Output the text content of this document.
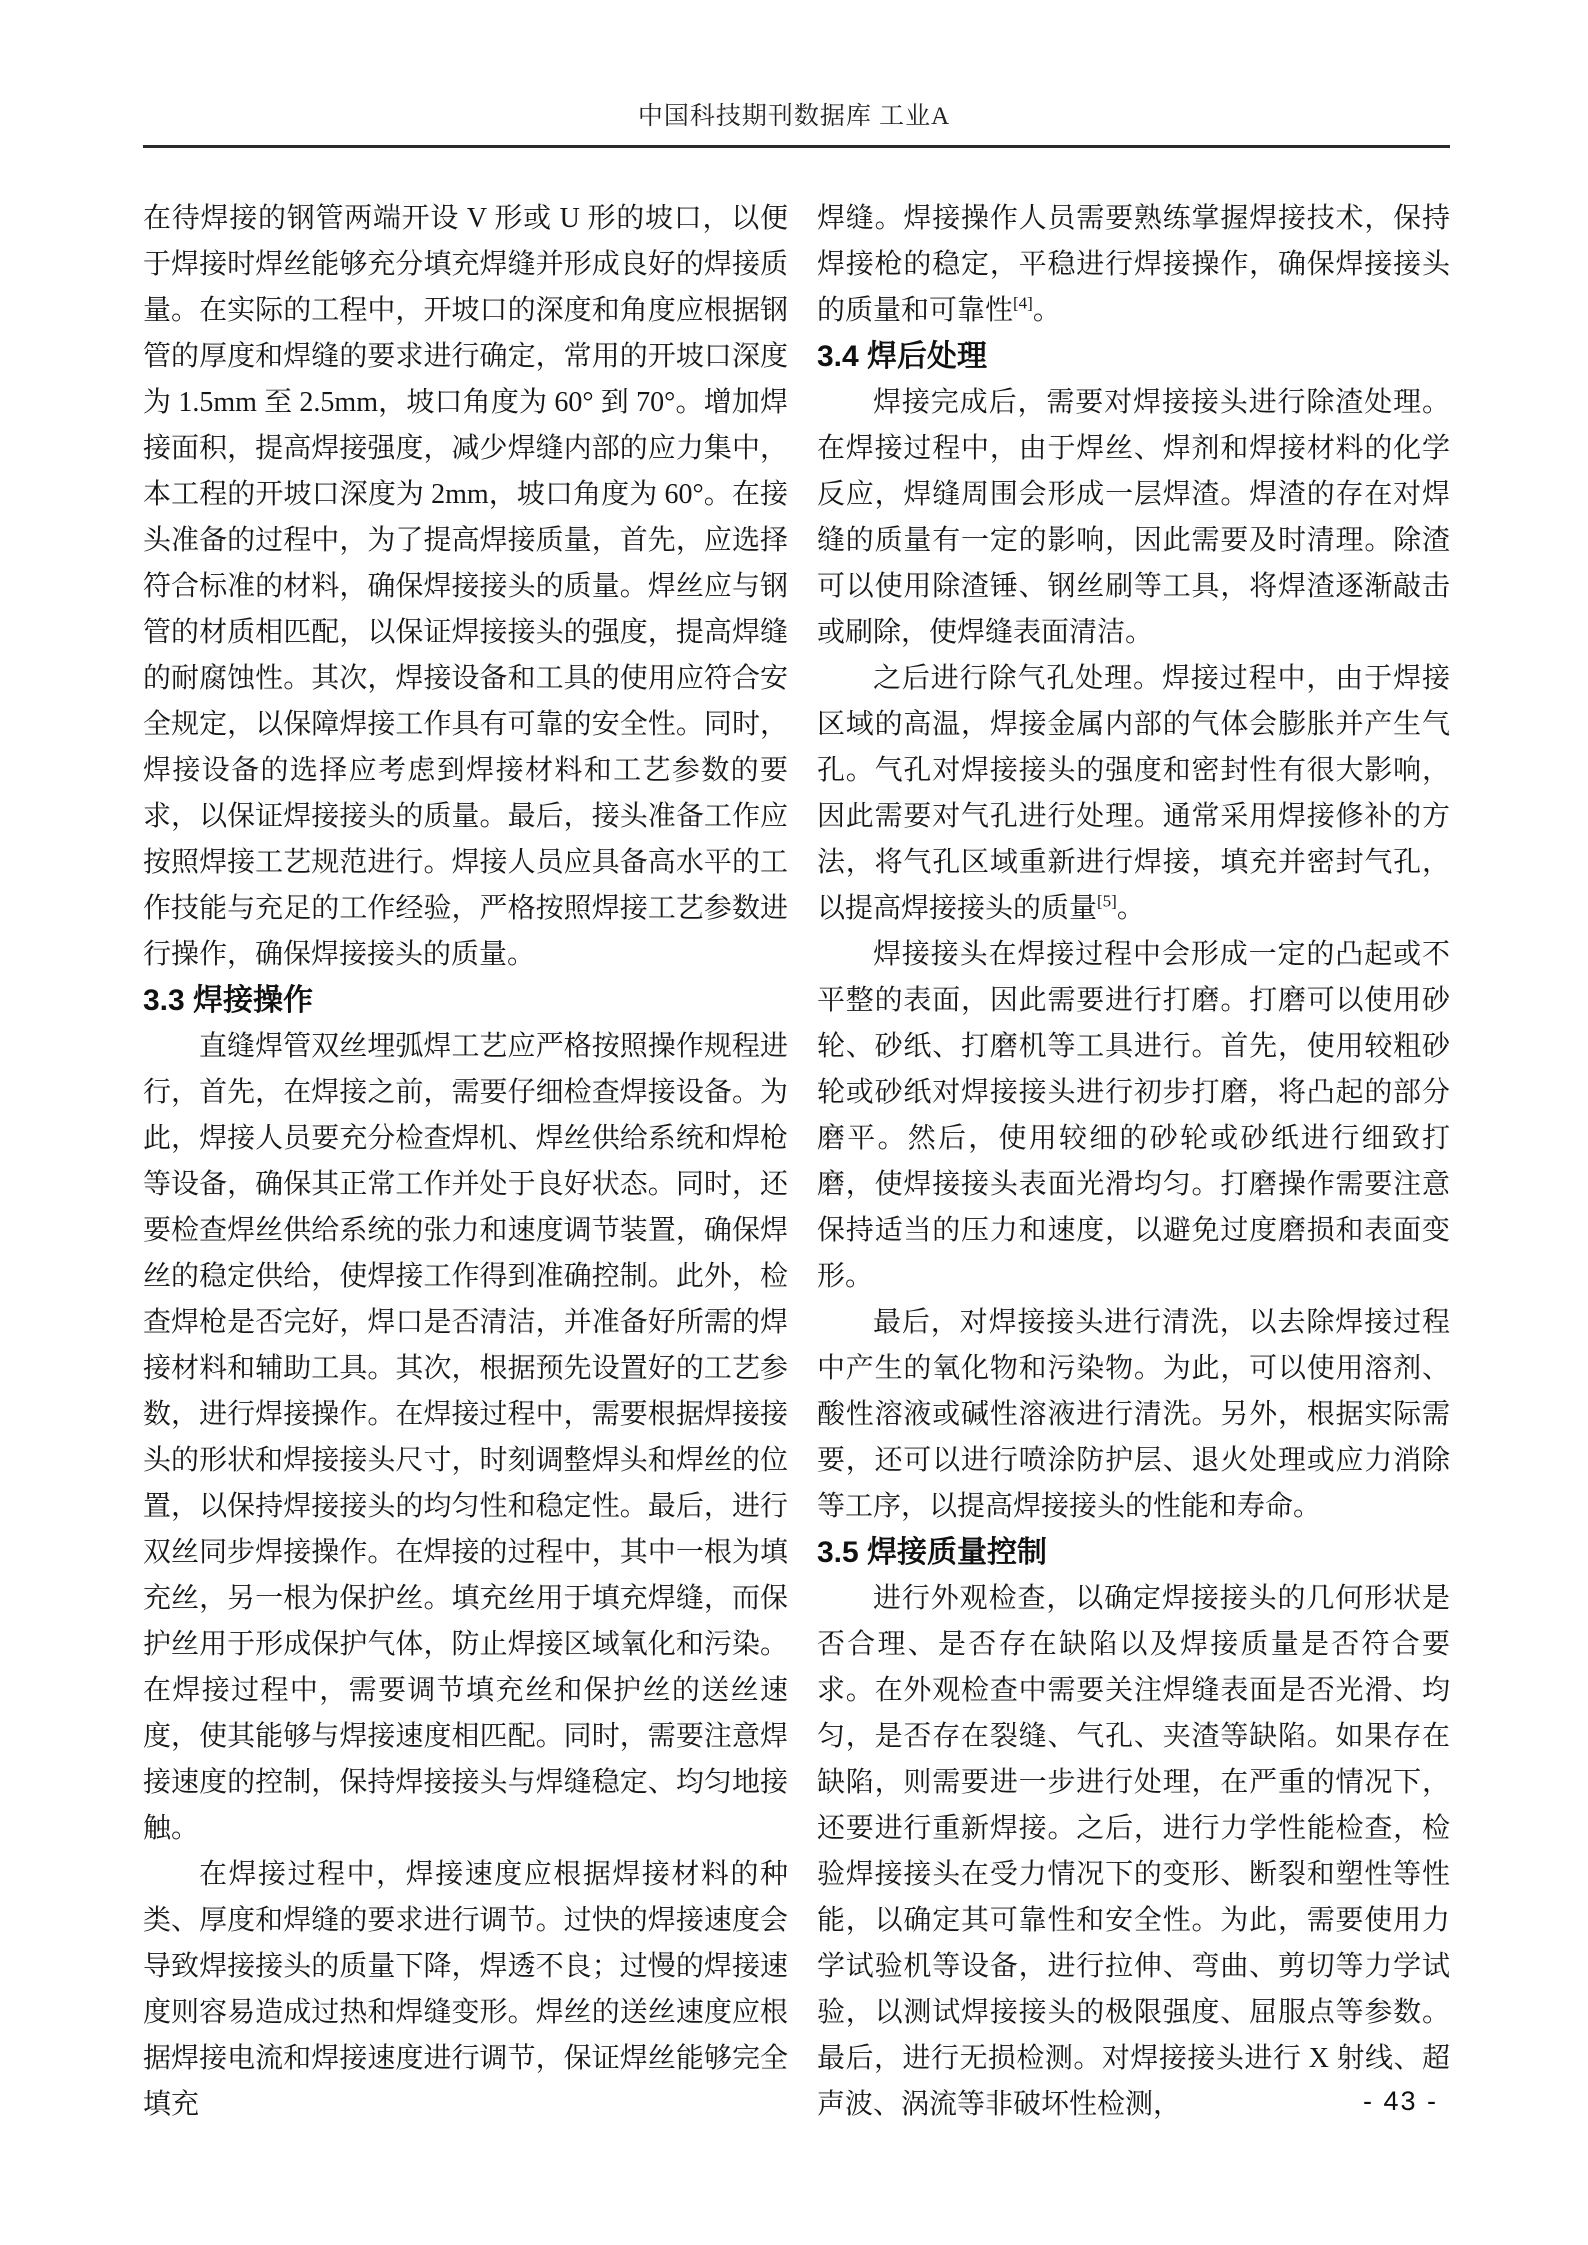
中国科技期刊数据库 工业A

在待焊接的钢管两端开设 V 形或 U 形的坡口，以便于焊接时焊丝能够充分填充焊缝并形成良好的焊接质量。在实际的工程中，开坡口的深度和角度应根据钢管的厚度和焊缝的要求进行确定，常用的开坡口深度为 1.5mm 至 2.5mm，坡口角度为 60° 到 70°。增加焊接面积，提高焊接强度，减少焊缝内部的应力集中，本工程的开坡口深度为 2mm，坡口角度为 60°。在接头准备的过程中，为了提高焊接质量，首先，应选择符合标准的材料，确保焊接接头的质量。焊丝应与钢管的材质相匹配，以保证焊接接头的强度，提高焊缝的耐腐蚀性。其次，焊接设备和工具的使用应符合安全规定，以保障焊接工作具有可靠的安全性。同时，焊接设备的选择应考虑到焊接材料和工艺参数的要求，以保证焊接接头的质量。最后，接头准备工作应按照焊接工艺规范进行。焊接人员应具备高水平的工作技能与充足的工作经验，严格按照焊接工艺参数进行操作，确保焊接接头的质量。

3.3 焊接操作

直缝焊管双丝埋弧焊工艺应严格按照操作规程进行，首先，在焊接之前，需要仔细检查焊接设备。为此，焊接人员要充分检查焊机、焊丝供给系统和焊枪等设备，确保其正常工作并处于良好状态。同时，还要检查焊丝供给系统的张力和速度调节装置，确保焊丝的稳定供给，使焊接工作得到准确控制。此外，检查焊枪是否完好，焊口是否清洁，并准备好所需的焊接材料和辅助工具。其次，根据预先设置好的工艺参数，进行焊接操作。在焊接过程中，需要根据焊接接头的形状和焊接接头尺寸，时刻调整焊头和焊丝的位置，以保持焊接接头的均匀性和稳定性。最后，进行双丝同步焊接操作。在焊接的过程中，其中一根为填充丝，另一根为保护丝。填充丝用于填充焊缝，而保护丝用于形成保护气体，防止焊接区域氧化和污染。在焊接过程中，需要调节填充丝和保护丝的送丝速度，使其能够与焊接速度相匹配。同时，需要注意焊接速度的控制，保持焊接接头与焊缝稳定、均匀地接触。

在焊接过程中，焊接速度应根据焊接材料的种类、厚度和焊缝的要求进行调节。过快的焊接速度会导致焊接接头的质量下降，焊透不良；过慢的焊接速度则容易造成过热和焊缝变形。焊丝的送丝速度应根据焊接电流和焊接速度进行调节，保证焊丝能够完全填充

焊缝。焊接操作人员需要熟练掌握焊接技术，保持焊接枪的稳定，平稳进行焊接操作，确保焊接接头的质量和可靠性[4]。

3.4 焊后处理

焊接完成后，需要对焊接接头进行除渣处理。在焊接过程中，由于焊丝、焊剂和焊接材料的化学反应，焊缝周围会形成一层焊渣。焊渣的存在对焊缝的质量有一定的影响，因此需要及时清理。除渣可以使用除渣锤、钢丝刷等工具，将焊渣逐渐敲击或刷除，使焊缝表面清洁。

之后进行除气孔处理。焊接过程中，由于焊接区域的高温，焊接金属内部的气体会膨胀并产生气孔。气孔对焊接接头的强度和密封性有很大影响，因此需要对气孔进行处理。通常采用焊接修补的方法，将气孔区域重新进行焊接，填充并密封气孔，以提高焊接接头的质量[5]。

焊接接头在焊接过程中会形成一定的凸起或不平整的表面，因此需要进行打磨。打磨可以使用砂轮、砂纸、打磨机等工具进行。首先，使用较粗砂轮或砂纸对焊接接头进行初步打磨，将凸起的部分磨平。然后，使用较细的砂轮或砂纸进行细致打磨，使焊接接头表面光滑均匀。打磨操作需要注意保持适当的压力和速度，以避免过度磨损和表面变形。

最后，对焊接接头进行清洗，以去除焊接过程中产生的氧化物和污染物。为此，可以使用溶剂、酸性溶液或碱性溶液进行清洗。另外，根据实际需要，还可以进行喷涂防护层、退火处理或应力消除等工序，以提高焊接接头的性能和寿命。

3.5 焊接质量控制

进行外观检查，以确定焊接接头的几何形状是否合理、是否存在缺陷以及焊接质量是否符合要求。在外观检查中需要关注焊缝表面是否光滑、均匀，是否存在裂缝、气孔、夹渣等缺陷。如果存在缺陷，则需要进一步进行处理，在严重的情况下，还要进行重新焊接。之后，进行力学性能检查，检验焊接接头在受力情况下的变形、断裂和塑性等性能，以确定其可靠性和安全性。为此，需要使用力学试验机等设备，进行拉伸、弯曲、剪切等力学试验，以测试焊接接头的极限强度、屈服点等参数。最后，进行无损检测。对焊接接头进行 X 射线、超声波、涡流等非破坏性检测，	- 43 -
